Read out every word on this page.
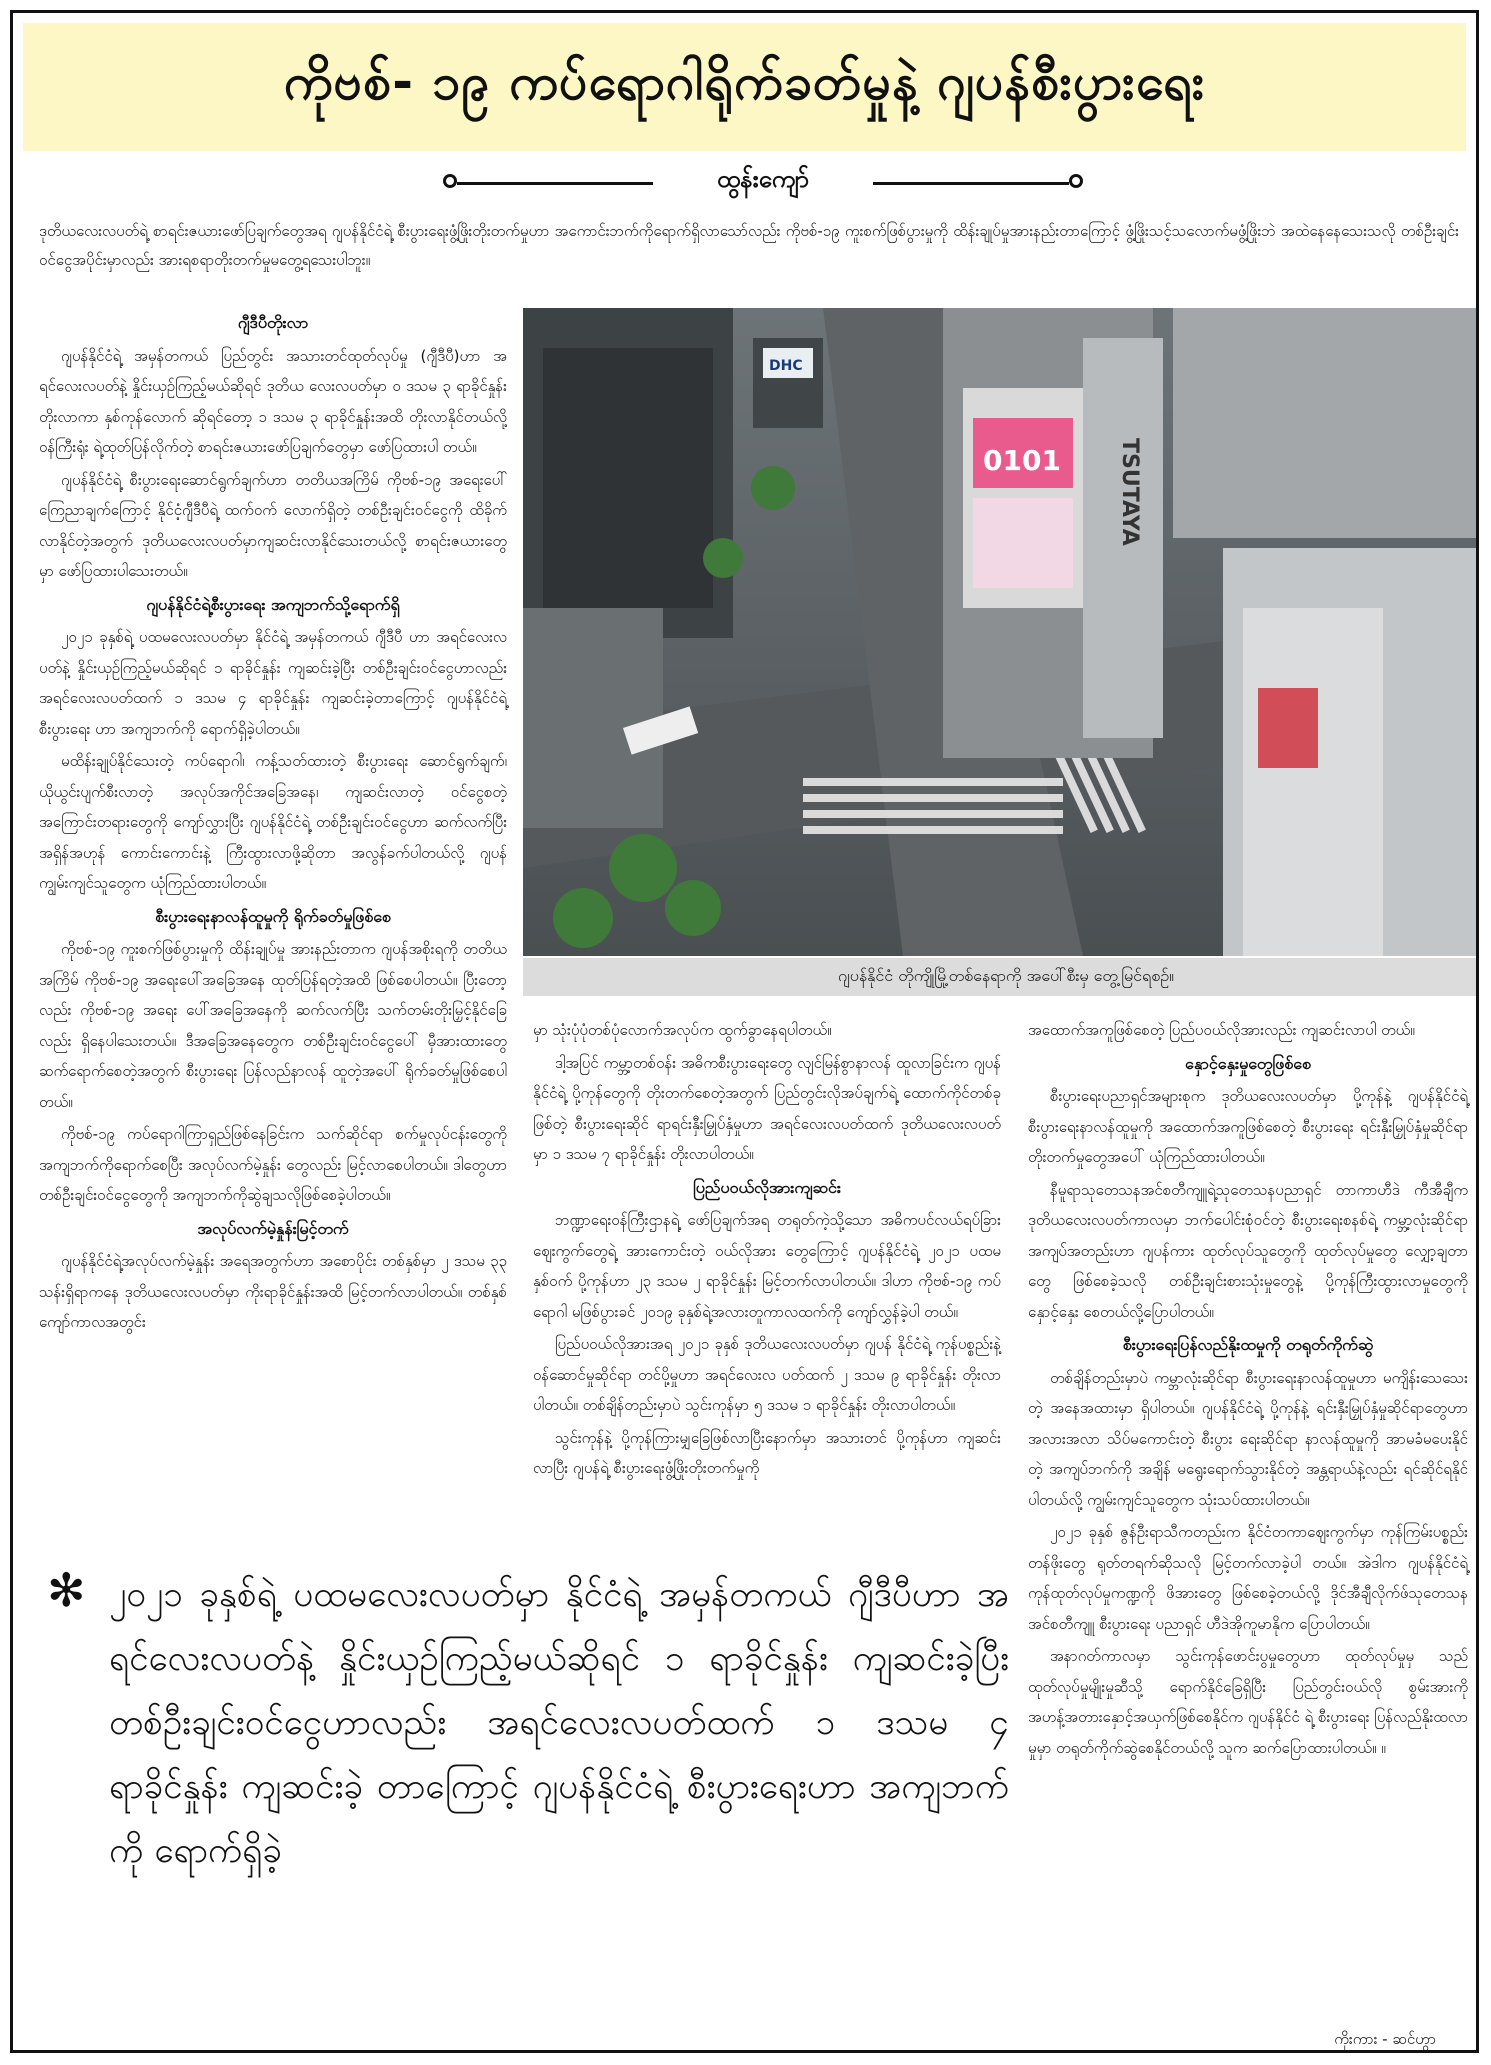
ကိုဗစ်- ၁၉ ကပ်ရောဂါရိုက်ခတ်မှုနဲ့ ဂျပန်စီးပွားရေး
ထွန်းကျော်
ဒုတိယလေးလပတ်ရဲ့ စာရင်းဇယားဖော်ပြချက်တွေအရ ဂျပန်နိုင်ငံရဲ့ စီးပွားရေးဖွံ့ဖြိုးတိုးတက်မှုဟာ အကောင်းဘက်ကိုရောက်ရှိလာသော်လည်း ကိုဗစ်-၁၉ ကူးစက်ဖြစ်ပွားမှုကို ထိန်းချုပ်မှုအားနည်းတာကြောင့် ဖွံ့ဖြိုးသင့်သလောက်မဖွံ့ဖြိုးဘဲ အထဲနေနေသေးသလို တစ်ဦးချင်းဝင်ငွေအပိုင်းမှာလည်း အားရစရာတိုးတက်မှုမတွေ့ရသေးပါဘူး။
0101	TSUTAYA
DHC
ဂျပန်နိုင်ငံ တိုကျိုမြို့တစ်နေရာကို အပေါ်စီးမှ တွေ့မြင်ရစဉ်။
ဂျီဒီပီတိုးလာ

ဂျပန်နိုင်ငံရဲ့ အမှန်တကယ် ပြည်တွင်း အသားတင်ထုတ်လုပ်မှု (ဂျီဒီပီ)ဟာ အရင်လေးလပတ်နဲ့ နှိုင်းယှဉ်ကြည့်မယ်ဆိုရင် ဒုတိယ လေးလပတ်မှာ ဝ ဒသမ ၃ ရာခိုင်နှုန်းတိုးလာကာ နှစ်ကုန်လောက် ဆိုရင်တော့ ၁ ဒသမ ၃ ရာခိုင်နှုန်းအထိ တိုးလာနိုင်တယ်လို့ ဝန်ကြီးရုံး ရဲ့ထုတ်ပြန်လိုက်တဲ့ စာရင်းဇယားဖော်ပြချက်တွေမှာ ဖော်ပြထားပါ တယ်။

ဂျပန်နိုင်ငံရဲ့ စီးပွားရေးဆောင်ရွက်ချက်ဟာ တတိယအကြိမ် ကိုဗစ်-၁၉ အရေးပေါ်ကြေညာချက်ကြောင့် နိုင်ငံ့ဂျီဒီပီရဲ့ ထက်ဝက် လောက်ရှိတဲ့ တစ်ဦးချင်းဝင်ငွေကို ထိခိုက်လာနိုင်တဲ့အတွက် ဒုတိယလေးလပတ်မှာကျဆင်းလာနိုင်သေးတယ်လို့ စာရင်းဇယားတွေ မှာ ဖော်ပြထားပါသေးတယ်။

ဂျပန်နိုင်ငံရဲ့စီးပွားရေး အကျဘက်သို့ရောက်ရှိ

၂၀၂၁ ခုနှစ်ရဲ့ ပထမလေးလပတ်မှာ နိုင်ငံရဲ့ အမှန်တကယ် ဂျီဒီပီ ဟာ အရင်လေးလပတ်နဲ့ နှိုင်းယှဉ်ကြည့်မယ်ဆိုရင် ၁ ရာခိုင်နှုန်း ကျဆင်းခဲ့ပြီး တစ်ဦးချင်းဝင်ငွေဟာလည်း အရင်လေးလပတ်ထက် ၁ ဒသမ ၄ ရာခိုင်နှုန်း ကျဆင်းခဲ့တာကြောင့် ဂျပန်နိုင်ငံရဲ့ စီးပွားရေး ဟာ အကျဘက်ကို ရောက်ရှိခဲ့ပါတယ်။

မထိန်းချုပ်နိုင်သေးတဲ့ ကပ်ရောဂါ၊ ကန့်သတ်ထားတဲ့ စီးပွားရေး ဆောင်ရွက်ချက်၊ ယိုယွင်းပျက်စီးလာတဲ့ အလုပ်အကိုင်အခြေအနေ၊ ကျဆင်းလာတဲ့ ဝင်ငွေစတဲ့ အကြောင်းတရားတွေကို ကျော်လွှားပြီး ဂျပန်နိုင်ငံရဲ့ တစ်ဦးချင်းဝင်ငွေဟာ ဆက်လက်ပြီး အရှိန်အဟုန် ကောင်းကောင်းနဲ့ ကြီးထွားလာဖို့ဆိုတာ အလွန်ခက်ပါတယ်လို့ ဂျပန် ကျွမ်းကျင်သူတွေက ယုံကြည်ထားပါတယ်။

စီးပွားရေးနာလန်ထူမှုကို ရိုက်ခတ်မှုဖြစ်စေ

ကိုဗစ်-၁၉ ကူးစက်ဖြစ်ပွားမှုကို ထိန်းချုပ်မှု အားနည်းတာက ဂျပန်အစိုးရကို တတိယအကြိမ် ကိုဗစ်-၁၉ အရေးပေါ်အခြေအနေ ထုတ်ပြန်ရတဲ့အထိ ဖြစ်စေပါတယ်။ ပြီးတော့လည်း ကိုဗစ်-၁၉ အရေး ပေါ်အခြေအနေကို ဆက်လက်ပြီး သက်တမ်းတိုးမြှင့်နိုင်ခြေလည်း ရှိနေပါသေးတယ်။ ဒီအခြေအနေတွေက တစ်ဦးချင်းဝင်ငွေပေါ် မှီအားထားတွေဆက်ရောက်စေတဲ့အတွက် စီးပွားရေး ပြန်လည်နာလန် ထူတဲ့အပေါ် ရိုက်ခတ်မှုဖြစ်စေပါတယ်။

ကိုဗစ်-၁၉ ကပ်ရောဂါကြာရှည်ဖြစ်နေခြင်းက သက်ဆိုင်ရာ စက်မှုလုပ်ငန်းတွေကို အကျဘက်ကိုရောက်စေပြီး အလုပ်လက်မဲ့နှုန်း တွေလည်း မြင့်လာစေပါတယ်။ ဒါတွေဟာ တစ်ဦးချင်းဝင်ငွေတွေကို အကျဘက်ကိုဆွဲချသလိုဖြစ်စေခဲ့ပါတယ်။

အလုပ်လက်မဲ့နှုန်းမြင့်တက်

ဂျပန်နိုင်ငံရဲ့အလုပ်လက်မဲ့နှုန်း အရေအတွက်ဟာ အစောပိုင်း တစ်နှစ်မှာ ၂ ဒသမ ၃၃ သန်းရှိရာကနေ ဒုတိယလေးလပတ်မှာ ကိုးရာခိုင်နှုန်းအထိ မြင့်တက်လာပါတယ်။ တစ်နှစ်ကျော်ကာလအတွင်း

မှာ သုံးပုံပုံတစ်ပုံလောက်အလုပ်က ထွက်ခွာနေရပါတယ်။

ဒါ့အပြင် ကမ္ဘာ့တစ်ဝန်း အဓိကစီးပွားရေးတွေ လျင်မြန်စွာနာလန် ထူလာခြင်းက ဂျပန်နိုင်ငံရဲ့ ပို့ကုန်တွေကို တိုးတက်စေတဲ့အတွက် ပြည်တွင်းလိုအပ်ချက်ရဲ့ ထောက်ကိုင်တစ်ခုဖြစ်တဲ့ စီးပွားရေးဆိုင် ရာရင်းနှီးမြှုပ်နှံမှုဟာ အရင်လေးလပတ်ထက် ဒုတိယလေးလပတ်မှာ ၁ ဒသမ ၇ ရာခိုင်နှုန်း တိုးလာပါတယ်။

ပြည်ပဝယ်လိုအားကျဆင်း

ဘဏ္ဍာရေးဝန်ကြီးဌာနရဲ့ ဖော်ပြချက်အရ တရုတ်ကဲ့သို့သော အဓိကပင်လယ်ရပ်ခြားဈေးကွက်တွေရဲ့ အားကောင်းတဲ့ ဝယ်လိုအား တွေကြောင့် ဂျပန်နိုင်ငံရဲ့ ၂၀၂၁ ပထမနှစ်ဝက် ပို့ကုန်ဟာ ၂၃ ဒသမ ၂ ရာခိုင်နှုန်း မြင့်တက်လာပါတယ်။ ဒါဟာ ကိုဗစ်-၁၉ ကပ်ရောဂါ မဖြစ်ပွားခင် ၂၀၁၉ ခုနှစ်ရဲ့အလားတူကာလထက်ကို ကျော်လွှန်ခဲ့ပါ တယ်။

ပြည်ပဝယ်လိုအားအရ ၂၀၂၁ ခုနှစ် ဒုတိယလေးလပတ်မှာ ဂျပန် နိုင်ငံရဲ့ ကုန်ပစ္စည်းနဲ့ ဝန်ဆောင်မှုဆိုင်ရာ တင်ပို့မှုဟာ အရင်လေးလ ပတ်ထက် ၂ ဒသမ ၉ ရာခိုင်နှုန်း တိုးလာပါတယ်။ တစ်ချိန်တည်းမှာပဲ သွင်းကုန်မှာ ၅ ဒသမ ၁ ရာခိုင်နှုန်း တိုးလာပါတယ်။

သွင်းကုန်နဲ့ ပို့ကုန်ကြားမျှခြေဖြစ်လာပြီးနောက်မှာ အသားတင် ပို့ကုန်ဟာ ကျဆင်းလာပြီး ဂျပန်ရဲ့ စီးပွားရေးဖွံ့ဖြိုးတိုးတက်မှုကို

အထောက်အကူဖြစ်စေတဲ့ ပြည်ပဝယ်လိုအားလည်း ကျဆင်းလာပါ တယ်။

နှောင့်နှေးမှုတွေဖြစ်စေ

စီးပွားရေးပညာရှင်အများစုက ဒုတိယလေးလပတ်မှာ ပို့ကုန်နဲ့ ဂျပန်နိုင်ငံရဲ့ စီးပွားရေးနာလန်ထူမှုကို အထောက်အကူဖြစ်စေတဲ့ စီးပွားရေး ရင်းနှီးမြှုပ်နှံမှုဆိုင်ရာတိုးတက်မှုတွေအပေါ် ယုံကြည်ထားပါတယ်။

နီမူရာသုတေသနအင်စတီကျူရဲ့သုတေသနပညာရှင် တာကာဟီဒဲ ကီအီချီက ဒုတိယလေးလပတ်ကာလမှာ ဘက်ပေါင်းစုံဝင်တဲ့ စီးပွားရေးစနစ်ရဲ့ ကမ္ဘာ့လုံးဆိုင်ရာ အကျပ်အတည်းဟာ ဂျပန်ကား ထုတ်လုပ်သူတွေကို ထုတ်လုပ်မှုတွေ လျှော့ချတာတွေ ဖြစ်စေခဲ့သလို တစ်ဦးချင်းစားသုံးမှုတွေနဲ့ ပို့ကုန်ကြီးထွားလာမှုတွေကို နှောင့်နှေး စေတယ်လို့ပြောပါတယ်။

စီးပွားရေးပြန်လည်နိုးထမှုကို တရုတ်ကိုက်ဆွဲ

တစ်ချိန်တည်းမှာပဲ ကမ္ဘာလုံးဆိုင်ရာ စီးပွားရေးနာလန်ထူမှုဟာ မကျိန်းသေသေးတဲ့ အနေအထားမှာ ရှိပါတယ်။ ဂျပန်နိုင်ငံရဲ့ ပို့ကုန်နဲ့ ရင်းနှီးမြှုပ်နှံမှုဆိုင်ရာတွေဟာ အလားအလာ သိပ်မကောင်းတဲ့ စီးပွား ရေးဆိုင်ရာ နာလန်ထူမှုကို အာမခံမပေးနိုင်တဲ့ အကျပ်ဘက်ကို အချိန် မရွေးရောက်သွားနိုင်တဲ့ အန္တရာယ်နဲ့လည်း ရင်ဆိုင်ရနိုင်ပါတယ်လို့ ကျွမ်းကျင်သူတွေက သုံးသပ်ထားပါတယ်။

၂၀၂၁ ခုနှစ် ဇွန်ဦးရာသီကတည်းက နိုင်ငံတကာဈေးကွက်မှာ ကုန်ကြမ်းပစ္စည်းတန်ဖိုးတွေ ရုတ်တရက်ဆိုသလို မြင့်တက်လာခဲ့ပါ တယ်။ အဲဒါက ဂျပန်နိုင်ငံရဲ့ ကုန်ထုတ်လုပ်မှုကဏ္ဍကို ဖိအားတွေ ဖြစ်စေခဲ့တယ်လို့ ဒိုင်အီချီလိုက်ဖ်သုတေသန အင်စတီကျူ စီးပွားရေး ပညာရှင် ဟီဒဲအိုကူမာနိုက ပြောပါတယ်။

အနာဂတ်ကာလမှာ သွင်းကုန်ဖောင်းပွမှုတွေဟာ ထုတ်လုပ်မှုမှ သည် ထုတ်လုပ်မှုမျိုးမှုဆီသို့ ရောက်နိုင်ခြေရှိပြီး ပြည်တွင်းဝယ်လို စွမ်းအားကို အဟန့်အတားနှောင့်အယှက်ဖြစ်စေနိုင်က ဂျပန်နိုင်ငံ ရဲ့ စီးပွားရေး ပြန်လည်နိုးထလာမှုမှာ တရုတ်ကိုက်ဆွဲစေနိုင်တယ်လို့ သူက ဆက်ပြောထားပါတယ်။ ။

✻ ၂၀၂၁ ခုနှစ်ရဲ့ ပထမလေးလပတ်မှာ နိုင်ငံရဲ့ အမှန်တကယ် ဂျီဒီပီဟာ အရင်လေးလပတ်နဲ့ နှိုင်းယှဉ်ကြည့်မယ်ဆိုရင် ၁ ရာခိုင်နှုန်း ကျဆင်းခဲ့ပြီး တစ်ဦးချင်းဝင်ငွေဟာလည်း အရင်လေးလပတ်ထက် ၁ ဒသမ ၄ ရာခိုင်နှုန်း ကျဆင်းခဲ့ တာကြောင့် ဂျပန်နိုင်ငံရဲ့ စီးပွားရေးဟာ အကျဘက်ကို ရောက်ရှိခဲ့
ကိုးကား - ဆင်ဟွာ
